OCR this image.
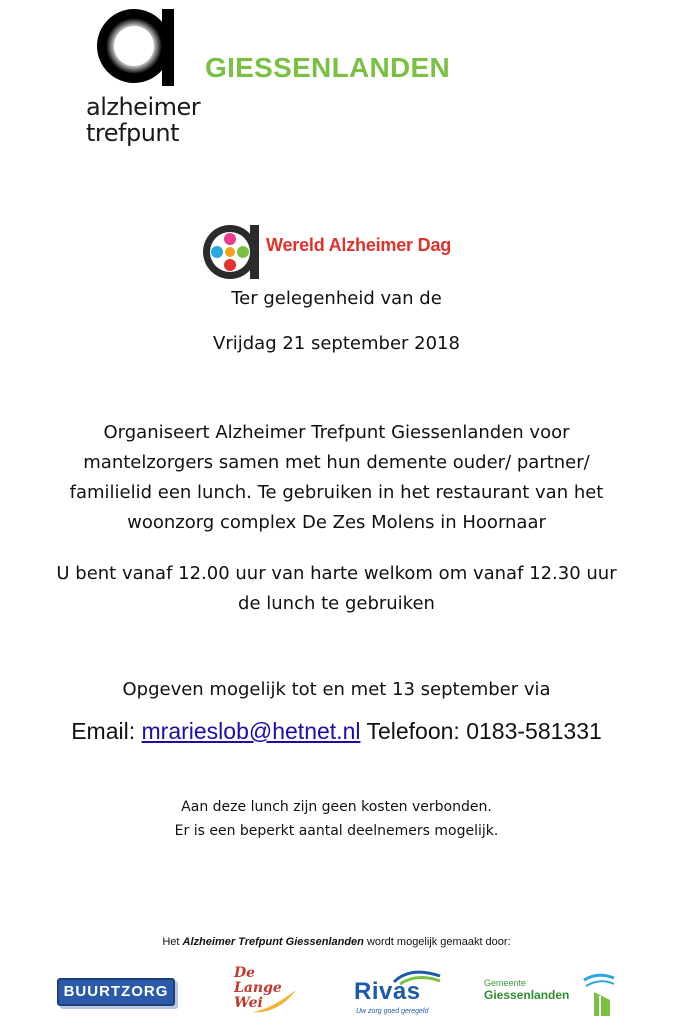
alzheimer
trefpunt
GIESSENLANDEN
Wereld Alzheimer Dag
Ter gelegenheid van de
Vrijdag 21 september 2018
Organiseert Alzheimer Trefpunt Giessenlanden voor
mantelzorgers samen met hun demente ouder/ partner/
familielid een lunch. Te gebruiken in het restaurant van het
woonzorg complex De Zes Molens in Hoornaar
U bent vanaf 12.00 uur van harte welkom om vanaf 12.30 uur
de lunch te gebruiken
Opgeven mogelijk tot en met 13 september via
Email: mrarieslob@hetnet.nl Telefoon: 0183-581331
Aan deze lunch zijn geen kosten verbonden.
Er is een beperkt aantal deelnemers mogelijk.
Het Alzheimer Trefpunt Giessenlanden wordt mogelijk gemaakt door:
BUURTZORG
De
Lange
Wei	Rivas
Uw zorg goed geregeld
Gemeente
Giessenlanden
